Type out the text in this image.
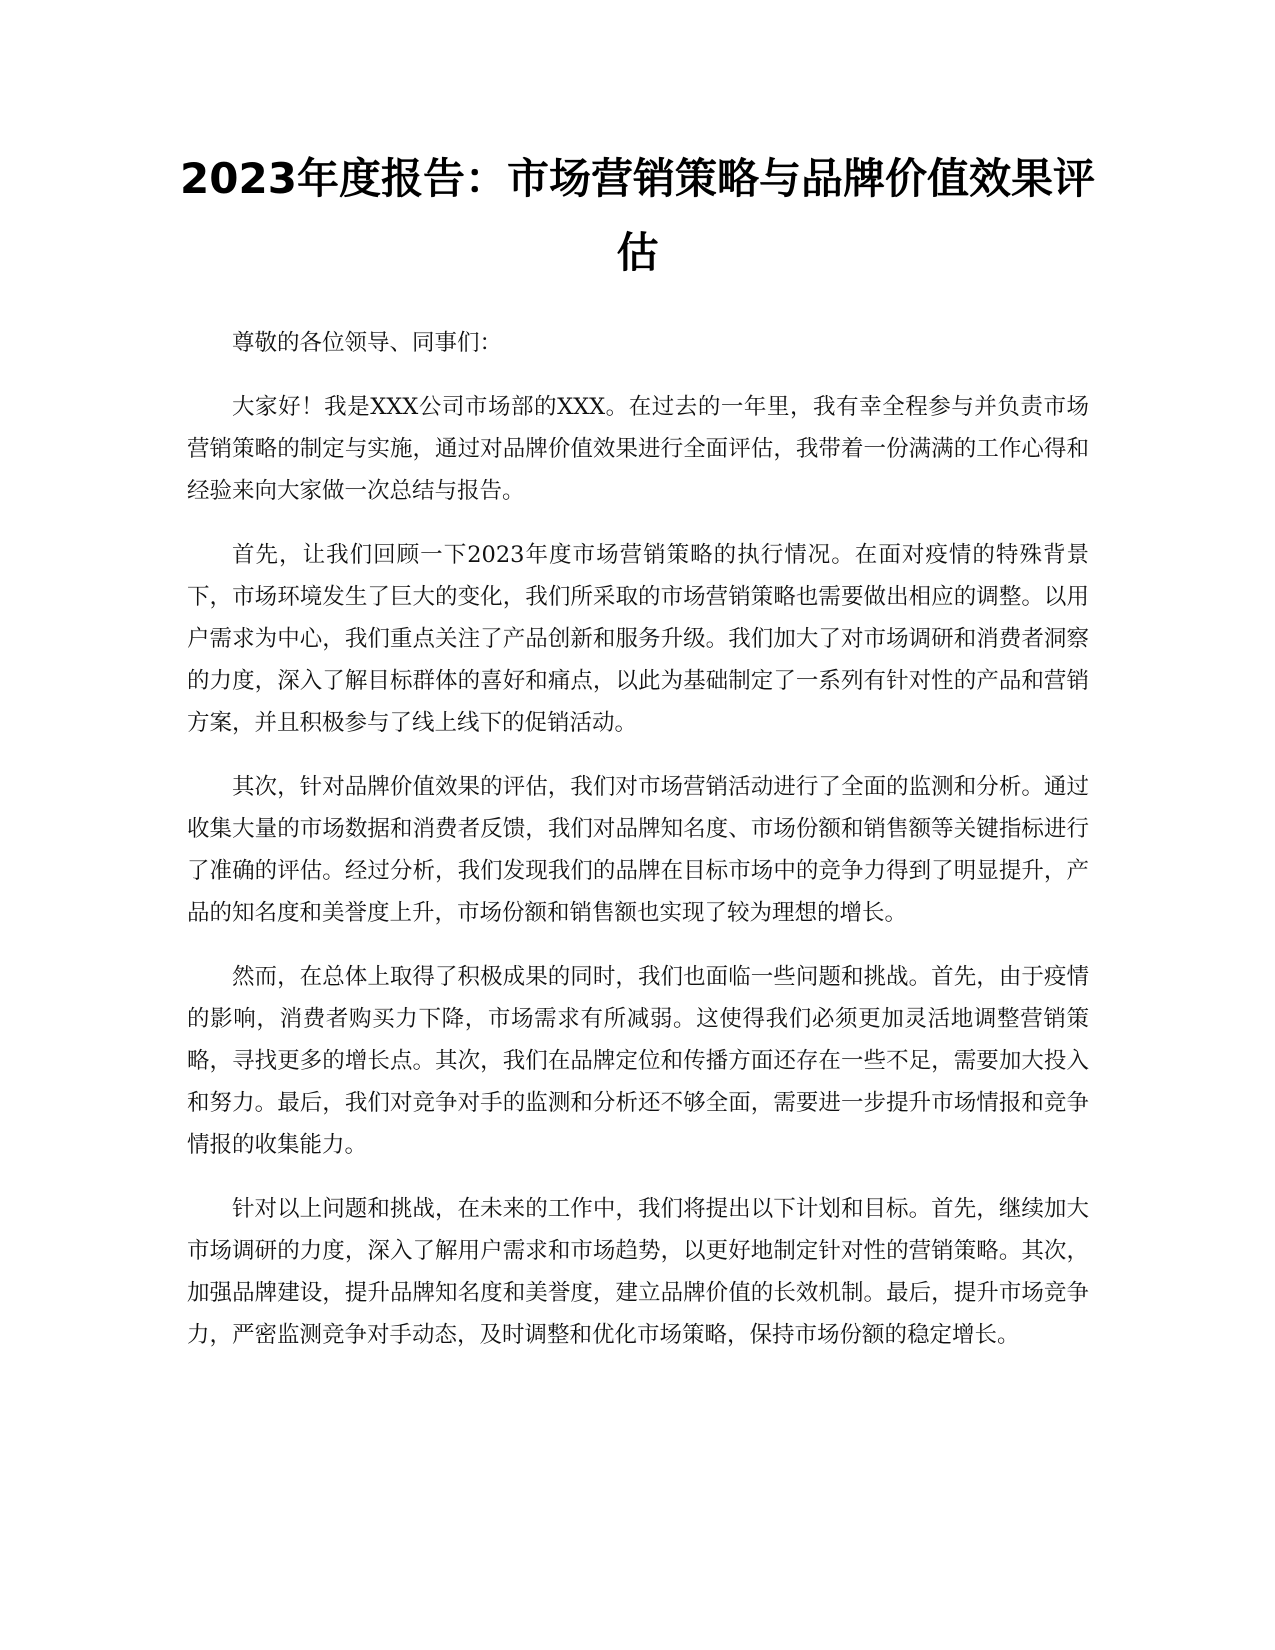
2023年度报告：市场营销策略与品牌价值效果评估

尊敬的各位领导、同事们：

大家好！我是XXX公司市场部的XXX。在过去的一年里，我有幸全程参与并负责市场营销策略的制定与实施，通过对品牌价值效果进行全面评估，我带着一份满满的工作心得和经验来向大家做一次总结与报告。

首先，让我们回顾一下2023年度市场营销策略的执行情况。在面对疫情的特殊背景下，市场环境发生了巨大的变化，我们所采取的市场营销策略也需要做出相应的调整。以用户需求为中心，我们重点关注了产品创新和服务升级。我们加大了对市场调研和消费者洞察的力度，深入了解目标群体的喜好和痛点，以此为基础制定了一系列有针对性的产品和营销方案，并且积极参与了线上线下的促销活动。

其次，针对品牌价值效果的评估，我们对市场营销活动进行了全面的监测和分析。通过收集大量的市场数据和消费者反馈，我们对品牌知名度、市场份额和销售额等关键指标进行了准确的评估。经过分析，我们发现我们的品牌在目标市场中的竞争力得到了明显提升，产品的知名度和美誉度上升，市场份额和销售额也实现了较为理想的增长。

然而，在总体上取得了积极成果的同时，我们也面临一些问题和挑战。首先，由于疫情的影响，消费者购买力下降，市场需求有所减弱。这使得我们必须更加灵活地调整营销策略，寻找更多的增长点。其次，我们在品牌定位和传播方面还存在一些不足，需要加大投入和努力。最后，我们对竞争对手的监测和分析还不够全面，需要进一步提升市场情报和竞争情报的收集能力。

针对以上问题和挑战，在未来的工作中，我们将提出以下计划和目标。首先，继续加大市场调研的力度，深入了解用户需求和市场趋势，以更好地制定针对性的营销策略。其次，加强品牌建设，提升品牌知名度和美誉度，建立品牌价值的长效机制。最后，提升市场竞争力，严密监测竞争对手动态，及时调整和优化市场策略，保持市场份额的稳定增长。
